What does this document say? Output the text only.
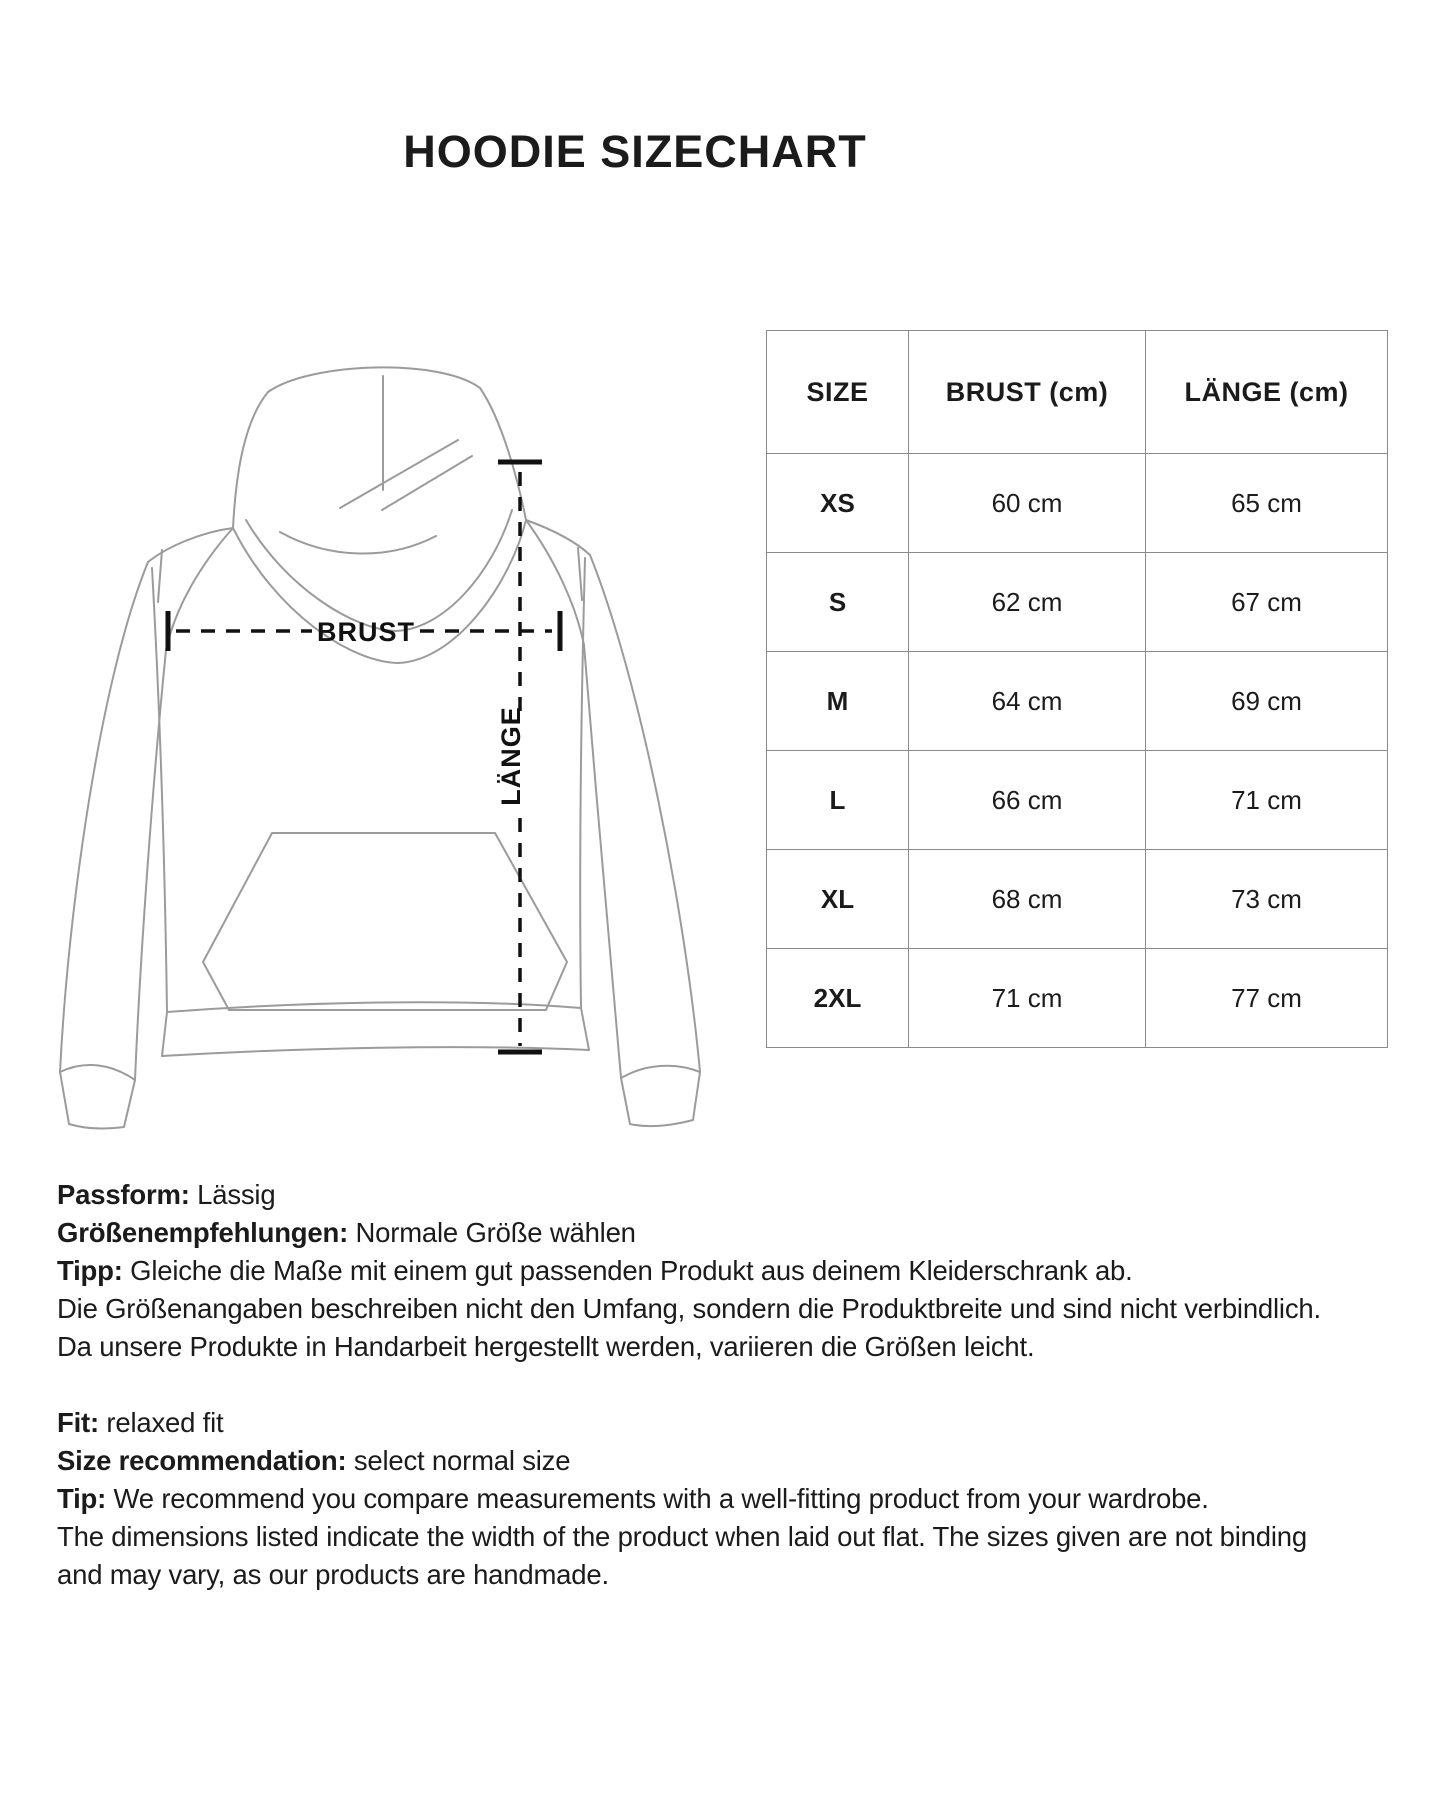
HOODIE SIZECHART
BRUST
LÄNGE
SIZE	BRUST (cm)	LÄNGE (cm)
XS	60 cm	65 cm
S	62 cm	67 cm
M	64 cm	69 cm
L	66 cm	71 cm
XL	68 cm	73 cm
2XL	71 cm	77 cm

Passform: Lässig

Größenempfehlungen: Normale Größe wählen

Tipp: Gleiche die Maße mit einem gut passenden Produkt aus deinem Kleiderschrank ab.

Die Größenangaben beschreiben nicht den Umfang, sondern die Produktbreite und sind nicht verbindlich.

Da unsere Produkte in Handarbeit hergestellt werden, variieren die Größen leicht.

Fit: relaxed fit

Size recommendation: select normal size

Tip: We recommend you compare measurements with a well-fitting product from your wardrobe.

The dimensions listed indicate the width of the product when laid out flat. The sizes given are not binding

and may vary, as our products are handmade.
